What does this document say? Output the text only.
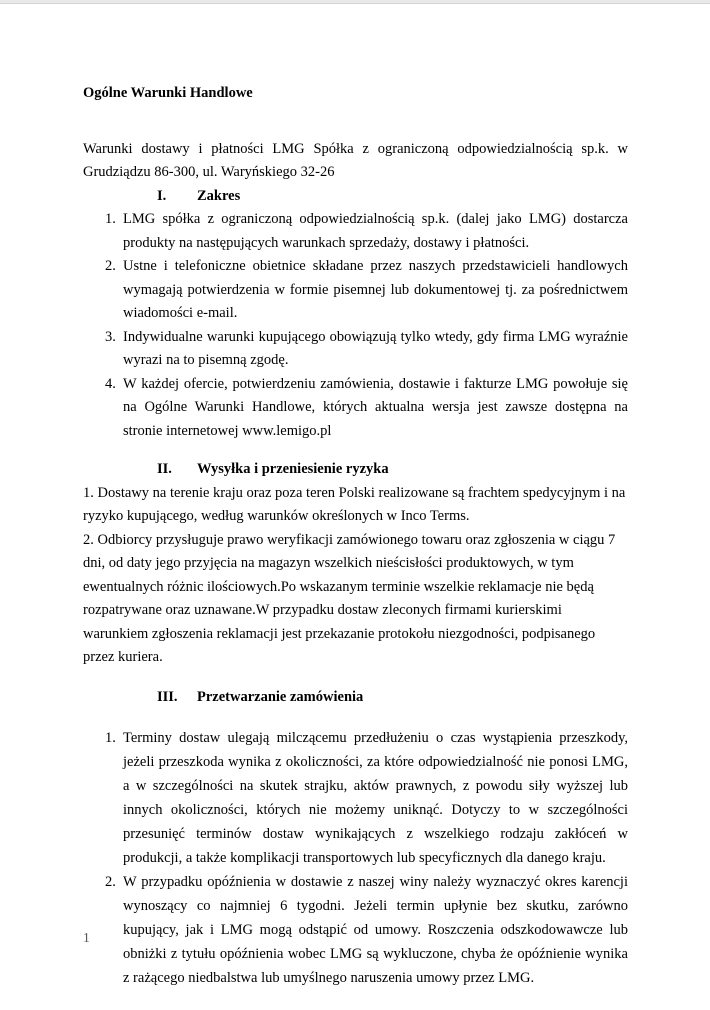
Ogólne Warunki Handlowe

Warunki dostawy i płatności LMG Spółka z ograniczoną odpowiedzialnością sp.k. w Grudziądzu 86-300, ul. Waryńskiego 32-26

I. Zakres
1. LMG spółka z ograniczoną odpowiedzialnością sp.k. (dalej jako LMG) dostarcza produkty na następujących warunkach sprzedaży, dostawy i płatności.
2. Ustne i telefoniczne obietnice składane przez naszych przedstawicieli handlowych wymagają potwierdzenia w formie pisemnej lub dokumentowej tj. za pośrednictwem wiadomości e-mail.
3. Indywidualne warunki kupującego obowiązują tylko wtedy, gdy firma LMG wyraźnie wyrazi na to pisemną zgodę.
4. W każdej ofercie, potwierdzeniu zamówienia, dostawie i fakturze LMG powołuje się na Ogólne Warunki Handlowe, których aktualna wersja jest zawsze dostępna na stronie internetowej www.lemigo.pl
II. Wysyłka i przeniesienie ryzyka

1. Dostawy na terenie kraju oraz poza teren Polski realizowane są frachtem spedycyjnym i na ryzyko kupującego, według warunków określonych w Inco Terms.

2. Odbiorcy przysługuje prawo weryfikacji zamówionego towaru oraz zgłoszenia w ciągu 7 dni, od daty jego przyjęcia na magazyn wszelkich nieścisłości produktowych, w tym ewentualnych różnic ilościowych.Po wskazanym terminie wszelkie reklamacje nie będą rozpatrywane oraz uznawane.W przypadku dostaw zleconych firmami kurierskimi warunkiem zgłoszenia reklamacji jest przekazanie protokołu niezgodności, podpisanego przez kuriera.

III. Przetwarzanie zamówienia
1. Terminy dostaw ulegają milczącemu przedłużeniu o czas wystąpienia przeszkody, jeżeli przeszkoda wynika z okoliczności, za które odpowiedzialność nie ponosi LMG, a w szczególności na skutek strajku, aktów prawnych, z powodu siły wyższej lub innych okoliczności, których nie możemy uniknąć. Dotyczy to w szczególności przesunięć terminów dostaw wynikających z wszelkiego rodzaju zakłóceń w produkcji, a także komplikacji transportowych lub specyficznych dla danego kraju.
2. W przypadku opóźnienia w dostawie z naszej winy należy wyznaczyć okres karencji wynoszący co najmniej 6 tygodni. Jeżeli termin upłynie bez skutku, zarówno kupujący, jak i LMG mogą odstąpić od umowy. Roszczenia odszkodowawcze lub obniżki z tytułu opóźnienia wobec LMG są wykluczone, chyba że opóźnienie wynika z rażącego niedbalstwa lub umyślnego naruszenia umowy przez LMG.
1
